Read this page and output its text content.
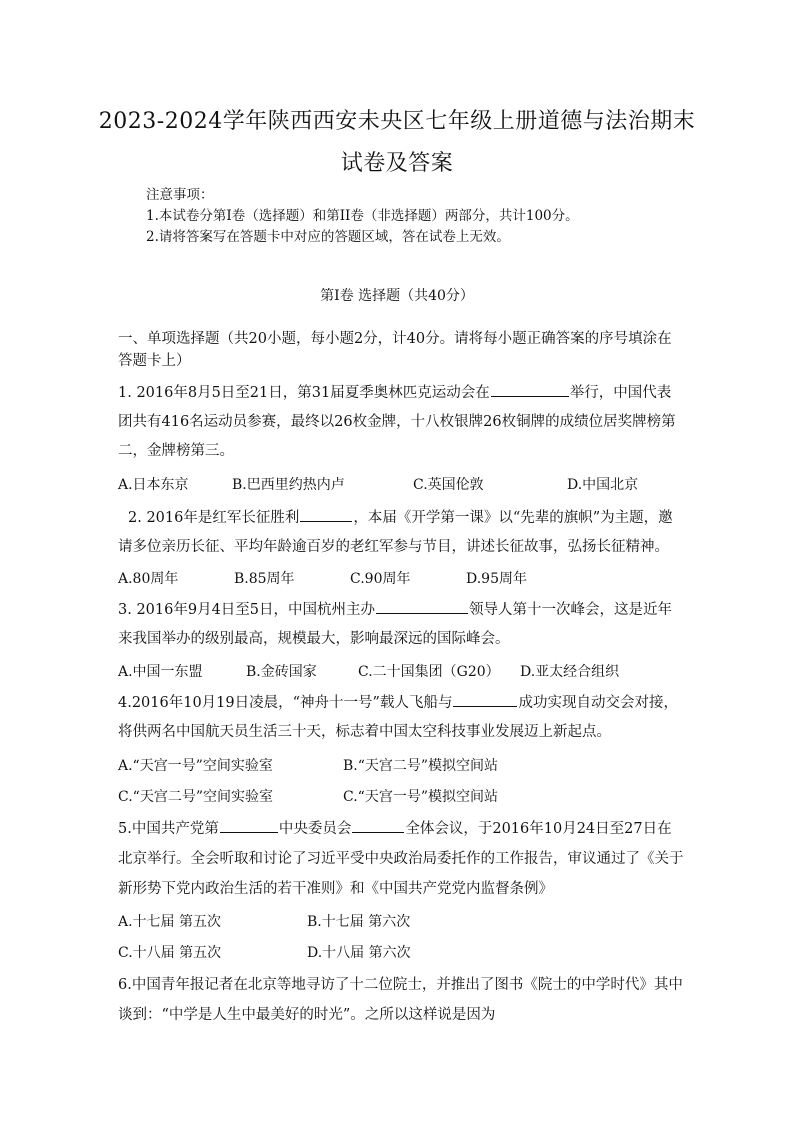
2023-2024学年陕西西安未央区七年级上册道德与法治期末
试卷及答案
注意事项：
1.本试卷分第I卷（选择题）和第II卷（非选择题）两部分，共计100分。
2.请将答案写在答题卡中对应的答题区域，答在试卷上无效。
第I卷 选择题（共40分）
一、单项选择题（共20小题，每小题2分，计40分。请将每小题正确答案的序号填涂在
答题卡上）
1. 2016年8月5日至21日，第31届夏季奥林匹克运动会在	举行，中国代表
团共有416名运动员参赛，最终以26枚金牌，十八枚银牌26枚铜牌的成绩位居奖牌榜第
二，金牌榜第三。
A.日本东京	B.巴西里约热内卢	C.英国伦敦	D.中国北京
2. 2016年是红军长征胜利	，本届《开学第一课》以“先辈的旗帜”为主题，邀
请多位亲历长征、平均年龄逾百岁的老红军参与节目，讲述长征故事，弘扬长征精神。
A.80周年	B.85周年	C.90周年	D.95周年
3. 2016年9月4日至5日，中国杭州主办	领导人第十一次峰会，这是近年
来我国举办的级别最高，规模最大，影响最深远的国际峰会。
A.中国一东盟	B.金砖国家	C.二十国集团（G20） D.亚太经合组织
4.2016年10月19日凌晨，“神舟十一号”载人飞船与	成功实现自动交会对接，
将供两名中国航天员生活三十天，标志着中国太空科技事业发展迈上新起点。
A.“天宫一号”空间实验室	B.“天宫二号”模拟空间站
C.“天宫二号”空间实验室	C.“天宫一号”模拟空间站
5.中国共产党第	中央委员会	全体会议，于2016年10月24日至27日在
北京举行。全会听取和讨论了习近平受中央政治局委托作的工作报告，审议通过了《关于
新形势下党内政治生活的若干准则》和《中国共产党党内监督条例》
A.十七届 第五次	B.十七届 第六次
C.十八届 第五次	D.十八届 第六次
6.中国青年报记者在北京等地寻访了十二位院士，并推出了图书《院士的中学时代》其中
谈到：“中学是人生中最美好的时光”。之所以这样说是因为
